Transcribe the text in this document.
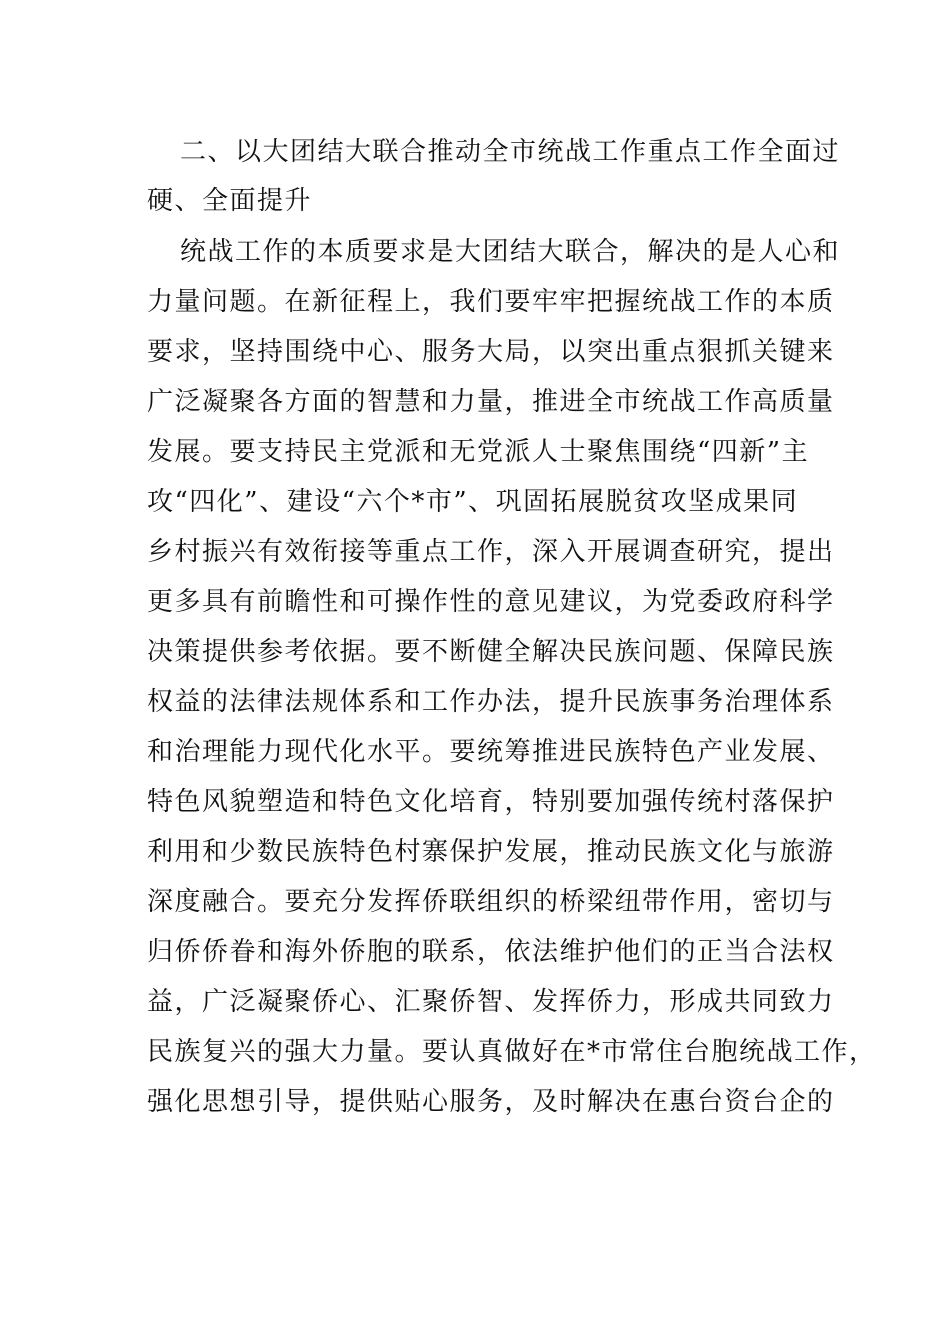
二、以大团结大联合推动全市统战工作重点工作全面过
硬、全面提升
统战工作的本质要求是大团结大联合，解决的是人心和
力量问题。在新征程上，我们要牢牢把握统战工作的本质
要求，坚持围绕中心、服务大局，以突出重点狠抓关键来
广泛凝聚各方面的智慧和力量，推进全市统战工作高质量
发展。要支持民主党派和无党派人士聚焦围绕“四新”主
攻“四化”、建设“六个*市”、巩固拓展脱贫攻坚成果同
乡村振兴有效衔接等重点工作，深入开展调查研究，提出
更多具有前瞻性和可操作性的意见建议，为党委政府科学
决策提供参考依据。要不断健全解决民族问题、保障民族
权益的法律法规体系和工作办法，提升民族事务治理体系
和治理能力现代化水平。要统筹推进民族特色产业发展、
特色风貌塑造和特色文化培育，特别要加强传统村落保护
利用和少数民族特色村寨保护发展，推动民族文化与旅游
深度融合。要充分发挥侨联组织的桥梁纽带作用，密切与
归侨侨眷和海外侨胞的联系，依法维护他们的正当合法权
益，广泛凝聚侨心、汇聚侨智、发挥侨力，形成共同致力
民族复兴的强大力量。要认真做好在*市常住台胞统战工作，
强化思想引导，提供贴心服务，及时解决在惠台资台企的
